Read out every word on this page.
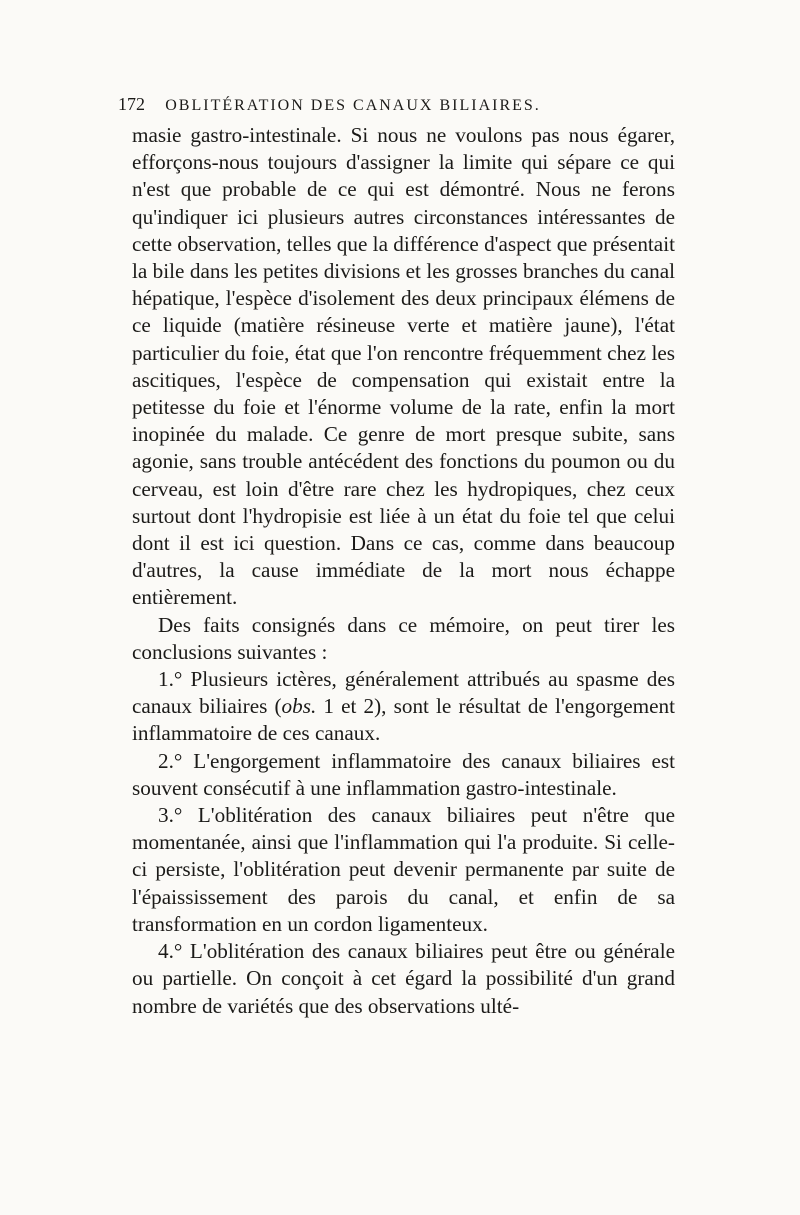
172 OBLITÉRATION DES CANAUX BILIAIRES.

masie gastro-intestinale. Si nous ne voulons pas nous égarer, efforçons-nous toujours d'assigner la limite qui sépare ce qui n'est que probable de ce qui est démontré. Nous ne ferons qu'indiquer ici plusieurs autres circonstances intéressantes de cette observation, telles que la différence d'aspect que présentait la bile dans les petites divisions et les grosses branches du canal hépatique, l'espèce d'isolement des deux principaux élémens de ce liquide (matière résineuse verte et matière jaune), l'état particulier du foie, état que l'on rencontre fréquemment chez les ascitiques, l'espèce de compensation qui existait entre la petitesse du foie et l'énorme volume de la rate, enfin la mort inopinée du malade. Ce genre de mort presque subite, sans agonie, sans trouble antécédent des fonctions du poumon ou du cerveau, est loin d'être rare chez les hydropiques, chez ceux surtout dont l'hydropisie est liée à un état du foie tel que celui dont il est ici question. Dans ce cas, comme dans beaucoup d'autres, la cause immédiate de la mort nous échappe entièrement.

Des faits consignés dans ce mémoire, on peut tirer les conclusions suivantes :

1.° Plusieurs ictères, généralement attribués au spasme des canaux biliaires (obs. 1 et 2), sont le résultat de l'engorgement inflammatoire de ces canaux.

2.° L'engorgement inflammatoire des canaux biliaires est souvent consécutif à une inflammation gastro-intestinale.

3.° L'oblitération des canaux biliaires peut n'être que momentanée, ainsi que l'inflammation qui l'a produite. Si celle-ci persiste, l'oblitération peut devenir permanente par suite de l'épaississement des parois du canal, et enfin de sa transformation en un cordon ligamenteux.

4.° L'oblitération des canaux biliaires peut être ou générale ou partielle. On conçoit à cet égard la possibilité d'un grand nombre de variétés que des observations ulté-
